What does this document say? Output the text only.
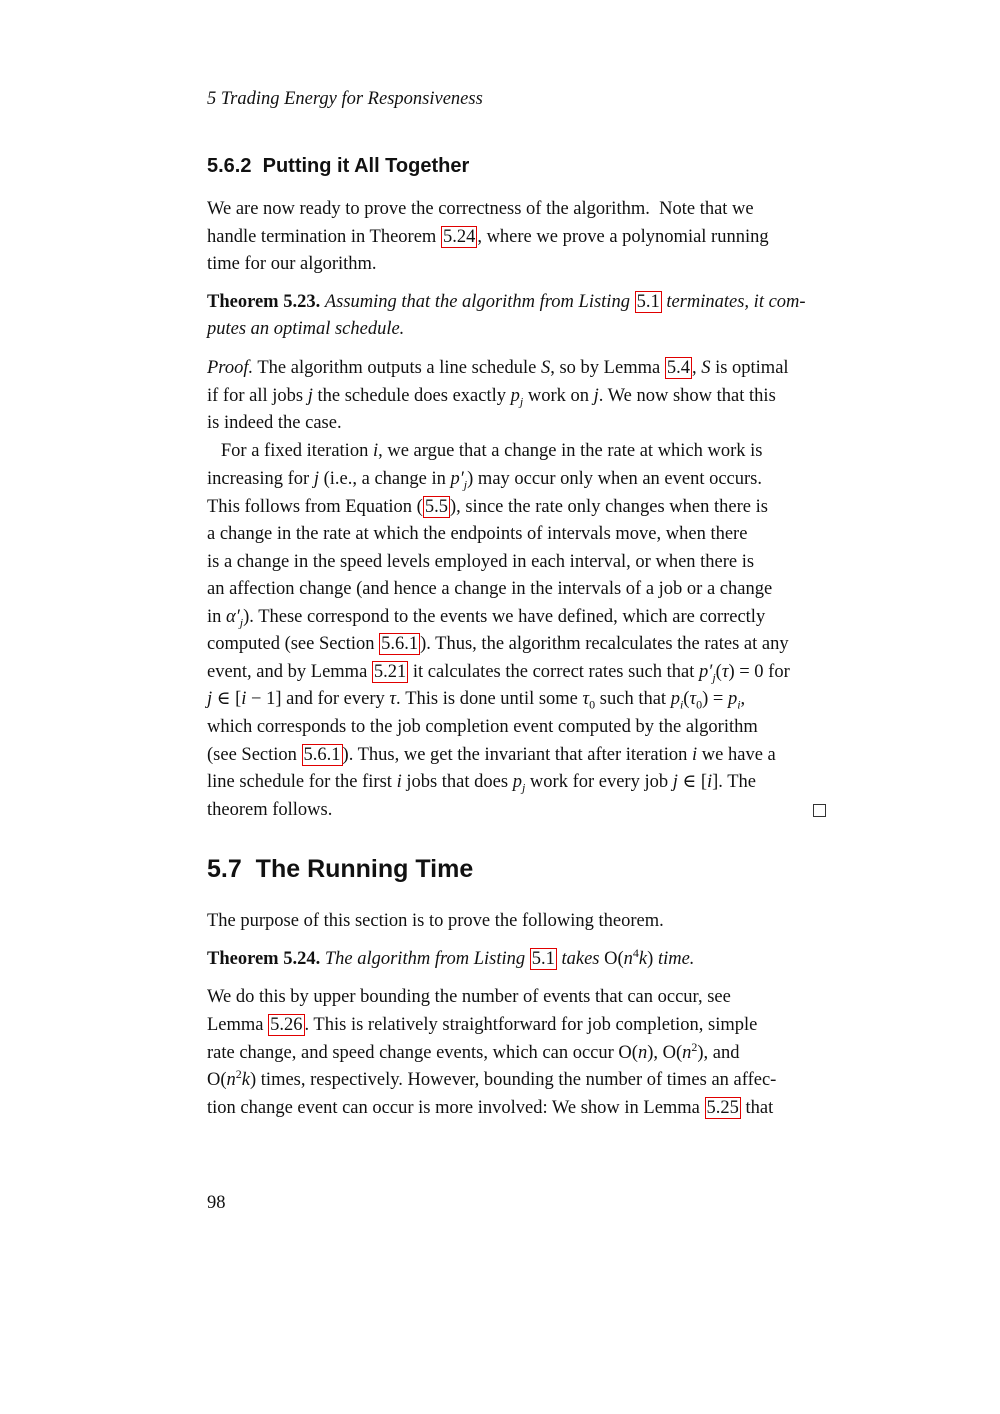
5 Trading Energy for Responsiveness
5.6.2 Putting it All Together
We are now ready to prove the correctness of the algorithm.  Note that we
handle termination in Theorem 5.24 , where we prove a polynomial running
time for our algorithm.
Theorem 5.23. Assuming that the algorithm from Listing 5.1 terminates, it com-
putes an optimal schedule.
Proof. The algorithm outputs a line schedule S, so by Lemma 5.4 , S is optimal
if for all jobs j the schedule does exactly $p_j$ work on j. We now show that this
is indeed the case.
For a fixed iteration i, we argue that a change in the rate at which work is
increasing for j (i.e., a change in $p'_j$) may occur only when an event occurs.
This follows from Equation ( 5.5 ), since the rate only changes when there is
a change in the rate at which the endpoints of intervals move, when there
is a change in the speed levels employed in each interval, or when there is
an affection change (and hence a change in the intervals of a job or a change
in $\alpha'_j$). These correspond to the events we have defined, which are correctly
computed (see Section 5.6.1 ). Thus, the algorithm recalculates the rates at any
event, and by Lemma 5.21 it calculates the correct rates such that $p'_j(\tau) = 0$ for
j ∈ [i − 1] and for every τ. This is done until some $\tau_0$ such that $p_i(\tau_0) = p_i$,
which corresponds to the job completion event computed by the algorithm
(see Section 5.6.1 ). Thus, we get the invariant that after iteration i we have a
line schedule for the first i jobs that does $p_j$ work for every job j ∈ [i]. The
theorem follows.
5.7 The Running Time
The purpose of this section is to prove the following theorem.
Theorem 5.24. The algorithm from Listing 5.1 takes $O(n^4k)$ time.
We do this by upper bounding the number of events that can occur, see
Lemma 5.26 . This is relatively straightforward for job completion, simple
rate change, and speed change events, which can occur O(n), $O(n^2)$, and
$O(n^2k)$ times, respectively. However, bounding the number of times an affec-
tion change event can occur is more involved: We show in Lemma 5.25 that
98
